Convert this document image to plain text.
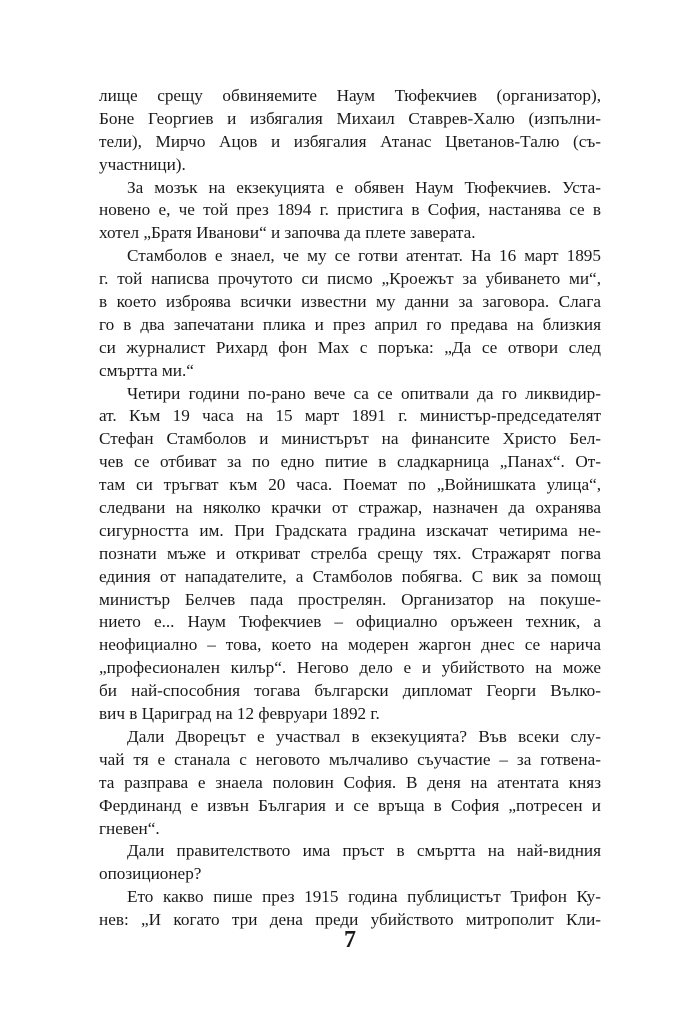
лище срещу обвиняемите Наум Тюфекчиев (организатор),
Боне Георгиев и избягалия Михаил Ставрев-Халю (изпълни-
тели), Мирчо Ацов и избягалия Атанас Цветанов-Талю (съ-
участници).
За мозък на екзекуцията е обявен Наум Тюфекчиев. Уста-
новено е, че той през 1894 г. пристига в София, настанява се в
хотел „Братя Иванови“ и започва да плете заверата.
Стамболов е знаел, че му се готви атентат. На 16 март 1895
г. той написва прочутото си писмо „Кроежът за убиването ми“,
в което изброява всички известни му данни за заговора. Слага
го в два запечатани плика и през април го предава на близкия
си журналист Рихард фон Мах с поръка: „Да се отвори след
смъртта ми.“
Четири години по-рано вече са се опитвали да го ликвидир-
ат. Към 19 часа на 15 март 1891 г. министър-председателят
Стефан Стамболов и министърът на финансите Христо Бел-
чев се отбиват за по едно питие в сладкарница „Панах“. От-
там си тръгват към 20 часа. Поемат по „Войнишката улица“,
следвани на няколко крачки от стражар, назначен да охранява
сигурността им. При Градската градина изскачат четирима не-
познати мъже и откриват стрелба срещу тях. Стражарят погва
единия от нападателите, а Стамболов побягва. С вик за помощ
министър Белчев пада прострелян. Организатор на покуше-
нието е... Наум Тюфекчиев – официално оръжеен техник, а
неофициално – това, което на модерен жаргон днес се нарича
„професионален килър“. Негово дело е и убийството на може
би най-способния тогава български дипломат Георги Вълко-
вич в Цариград на 12 февруари 1892 г.
Дали Дворецът е участвал в екзекуцията? Във всеки слу-
чай тя е станала с неговото мълчаливо съучастие – за готвена-
та разправа е знаела половин София. В деня на атентата княз
Фердинанд е извън България и се връща в София „потресен и
гневен“.
Дали правителството има пръст в смъртта на най-видния
опозиционер?
Ето какво пише през 1915 година публицистът Трифон Ку-
нев: „И когато три дена преди убийството митрополит Кли-
7
